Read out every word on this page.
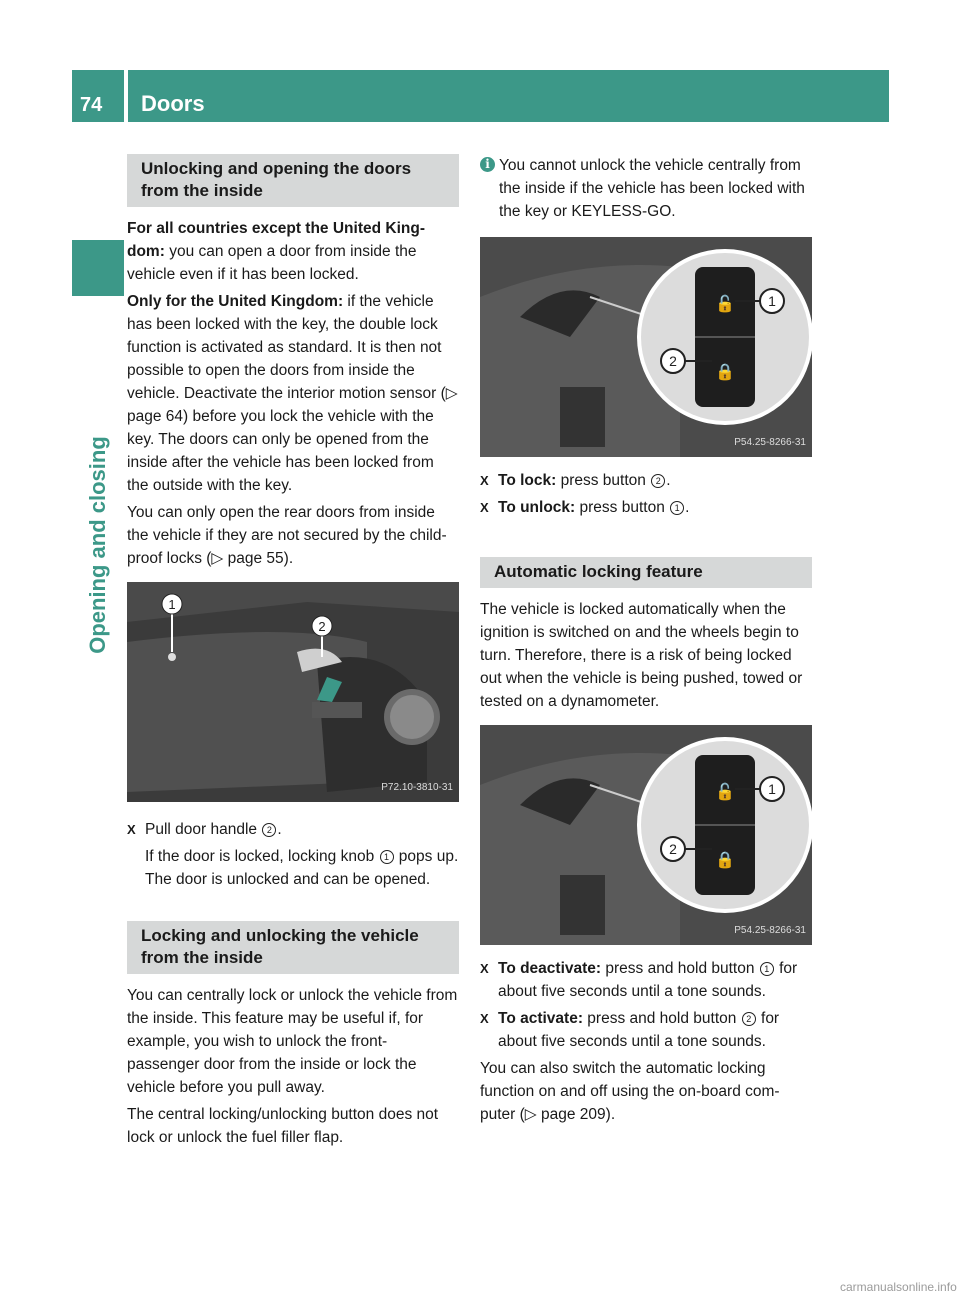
74 Doors
Opening and closing
Unlocking and opening the doors from the inside

For all countries except the United King-dom: you can open a door from inside the vehicle even if it has been locked.

Only for the United Kingdom: if the vehicle has been locked with the key, the double lock function is activated as standard. It is then not possible to open the doors from inside the vehicle. Deactivate the interior motion sensor (▷ page 64) before you lock the vehicle with the key. The doors can only be opened from the inside after the vehicle has been locked from the outside with the key.

You can only open the rear doors from inside the vehicle if they are not secured by the child-proof locks (▷ page 55).

1
2
P72.10-3810-31
X Pull door handle 2 .

If the door is locked, locking knob 1 pops up. The door is unlocked and can be opened.

Locking and unlocking the vehicle from the inside

You can centrally lock or unlock the vehicle from the inside. This feature may be useful if, for example, you wish to unlock the front-passenger door from the inside or lock the vehicle before you pull away.

The central locking/unlocking button does not lock or unlock the fuel filler flap.

i You cannot unlock the vehicle centrally from the inside if the vehicle has been locked with the key or KEYLESS-GO.
🔓
🔒
1
2
P54.25-8266-31
X To lock: press button 2 .
X To unlock: press button 1 .
Automatic locking feature

The vehicle is locked automatically when the ignition is switched on and the wheels begin to turn. Therefore, there is a risk of being locked out when the vehicle is being pushed, towed or tested on a dynamometer.

🔓
🔒
1
2
P54.25-8266-31
X To deactivate: press and hold button 1 for about five seconds until a tone sounds.
X To activate: press and hold button 2 for about five seconds until a tone sounds.

You can also switch the automatic locking function on and off using the on-board com-puter (▷ page 209).

carmanualsonline.info
